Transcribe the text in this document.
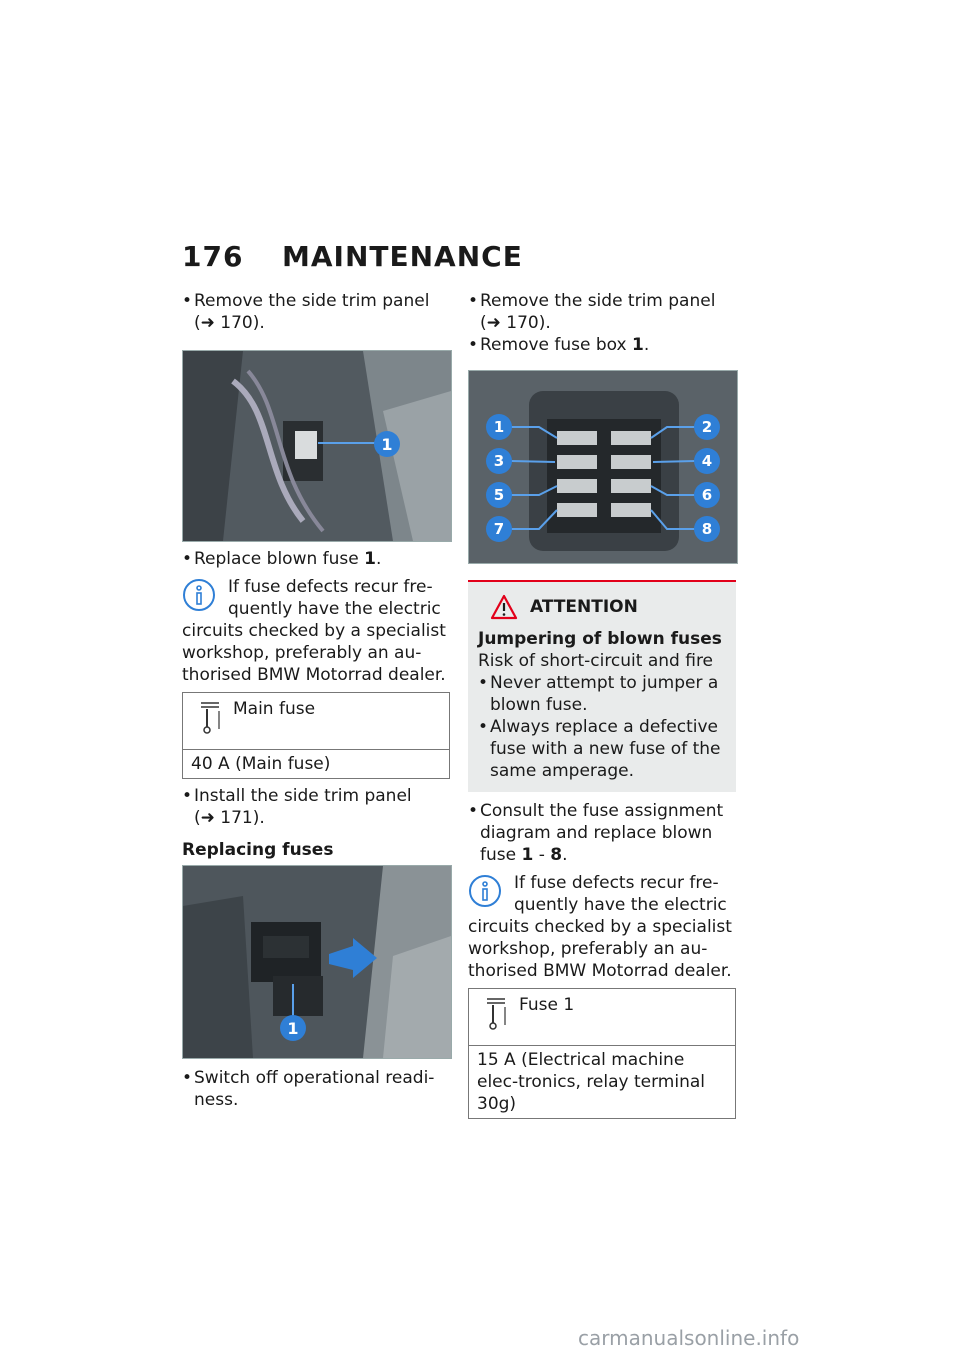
176 MAINTENANCE

• Remove the side trim panel
(➜ 170).

1

• Replace blown fuse 1.

If fuse defects recur fre-
quently have the electric
circuits checked by a specialist workshop, preferably an au-thorised BMW Motorrad dealer.
Main fuse
40 A (Main fuse)

• Install the side trim panel
(➜ 171).

Replacing fuses
1

• Switch off operational readi-ness.

• Remove the side trim panel
(➜ 170).

• Remove fuse box 1.

1	2
3	4
5	6
7	8
ATTENTION
Jumpering of blown fuses
Risk of short-circuit and fire
• Never attempt to jumper a blown fuse.
• Always replace a defective fuse with a new fuse of the same amperage.

• Consult the fuse assignment diagram and replace blown fuse 1 - 8.

If fuse defects recur fre-
quently have the electric
circuits checked by a specialist workshop, preferably an au-thorised BMW Motorrad dealer.
Fuse 1
15 A (Electrical machine elec-tronics, relay terminal 30g)
carmanualsonline.info
